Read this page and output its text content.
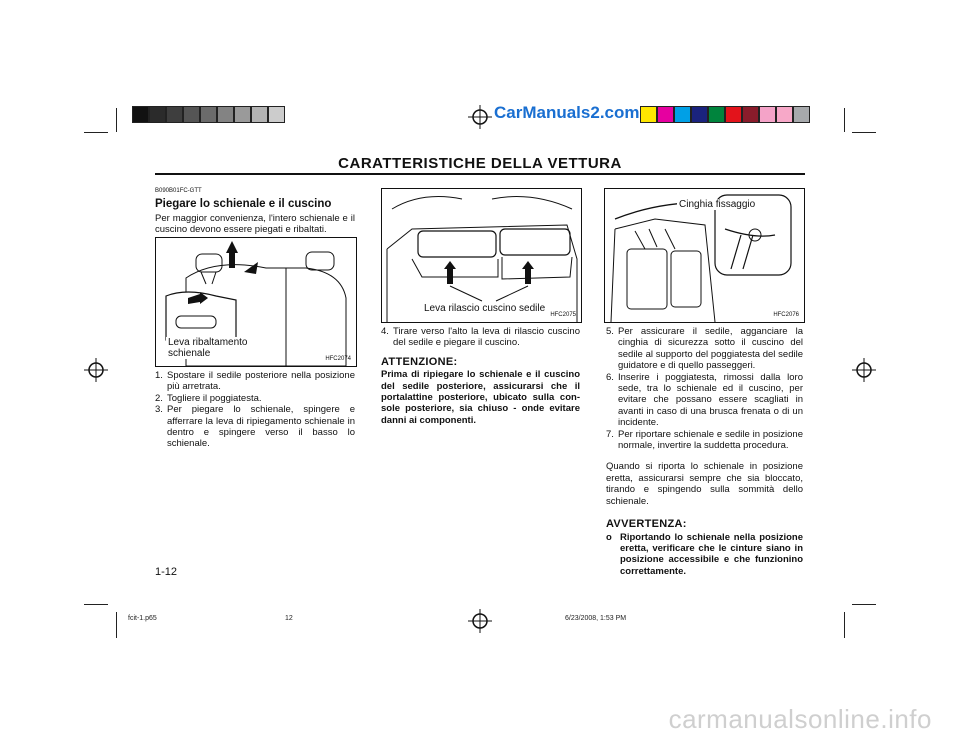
CarManuals2.com
CARATTERISTICHE DELLA VETTURA
B090B01FC-GTT
Piegare lo schienale e il cuscino

Per maggior convenienza, l'intero schienale e il cuscino devono essere piegati e ribaltati.

HFC2074
Leva ribaltamento
schienale
1. Spostare il sedile posteriore nella posizione più arretrata.
2. Togliere il poggiatesta.
3. Per piegare lo schienale, spingere e afferrare la leva di ripiegamento schienale in dentro e spingere verso il basso lo schienale.
Leva rilascio cuscino sedile
HFC2075
4. Tirare verso l'alto la leva di rilascio cuscino del sedile e piegare il cuscino.
ATTENZIONE:

Prima di ripiegare lo schienale e il cuscino del sedile posteriore, assicurarsi che il portalattine posteriore, ubicato sulla con- sole posteriore, sia chiuso - onde evitare danni ai componenti.

Cinghia fissaggio
HFC2076
5. Per assicurare il sedile, agganciare la cinghia di sicurezza sotto il cuscino del sedile al supporto del poggiatesta del sedile guidatore e di quello passeggeri.
6. Inserire i poggiatesta, rimossi dalla loro sede, tra lo schienale ed il cuscino, per evitare che possano essere scagliati in avanti in caso di una brusca frenata o di un incidente.
7. Per riportare schienale e sedile in posizione normale, invertire la suddetta procedura.

Quando si riporta lo schienale in posizione eretta, assicurarsi sempre che sia bloccato, tirando e spingendo sulla sommità dello schienale.

AVVERTENZA:
o Riportando lo schienale nella posizione eretta, verificare che le cinture siano in posizione accessibile e che funzionino correttamente.
1-12
fcit-1.p65	12	6/23/2008, 1:53 PM
carmanualsonline.info
